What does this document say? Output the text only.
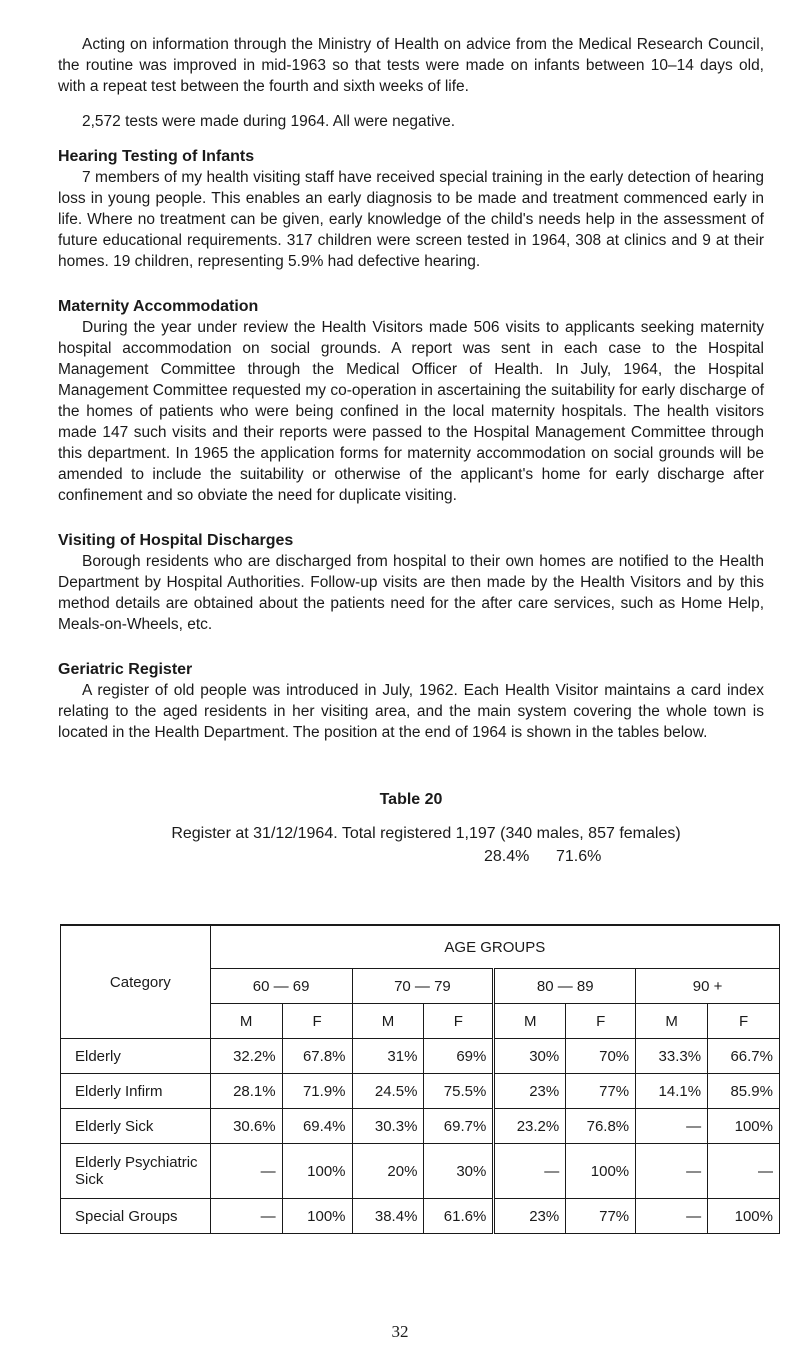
Acting on information through the Ministry of Health on advice from the Medical Research Council, the routine was improved in mid-1963 so that tests were made on infants between 10–14 days old, with a repeat test between the fourth and sixth weeks of life.

2,572 tests were made during 1964. All were negative.

Hearing Testing of Infants

7 members of my health visiting staff have received special training in the early detection of hearing loss in young people. This enables an early diagnosis to be made and treatment commenced early in life. Where no treatment can be given, early knowledge of the child's needs help in the assessment of future educational requirements. 317 children were screen tested in 1964, 308 at clinics and 9 at their homes. 19 children, representing 5.9% had defective hearing.

Maternity Accommodation

During the year under review the Health Visitors made 506 visits to applicants seeking maternity hospital accommodation on social grounds. A report was sent in each case to the Hospital Management Committee through the Medical Officer of Health. In July, 1964, the Hospital Management Committee requested my co-operation in ascertaining the suitability for early discharge of the homes of patients who were being confined in the local maternity hospitals. The health visitors made 147 such visits and their reports were passed to the Hospital Management Committee through this department. In 1965 the application forms for maternity accommodation on social grounds will be amended to include the suitability or otherwise of the applicant's home for early discharge after confinement and so obviate the need for duplicate visiting.

Visiting of Hospital Discharges

Borough residents who are discharged from hospital to their own homes are notified to the Health Department by Hospital Authorities. Follow-up visits are then made by the Health Visitors and by this method details are obtained about the patients need for the after care services, such as Home Help, Meals-on-Wheels, etc.

Geriatric Register

A register of old people was introduced in July, 1962. Each Health Visitor maintains a card index relating to the aged residents in her visiting area, and the main system covering the whole town is located in the Health Department. The position at the end of 1964 is shown in the tables below.

Table 20
Register at 31/12/1964. Total registered 1,197 (340 males, 857 females)
28.4% 71.6%
Category	AGE GROUPS							
	60 — 69		70 — 79		80 — 89		90 +	
	M	F	M	F	M	F	M	F
Elderly	32.2%	67.8%	31%	69%	30%	70%	33.3%	66.7%
Elderly Infirm	28.1%	71.9%	24.5%	75.5%	23%	77%	14.1%	85.9%
Elderly Sick	30.6%	69.4%	30.3%	69.7%	23.2%	76.8%	—	100%
Elderly Psychiatric Sick	—	100%	20%	30%	—	100%	—	—
Special Groups	—	100%	38.4%	61.6%	23%	77%	—	100%
32
